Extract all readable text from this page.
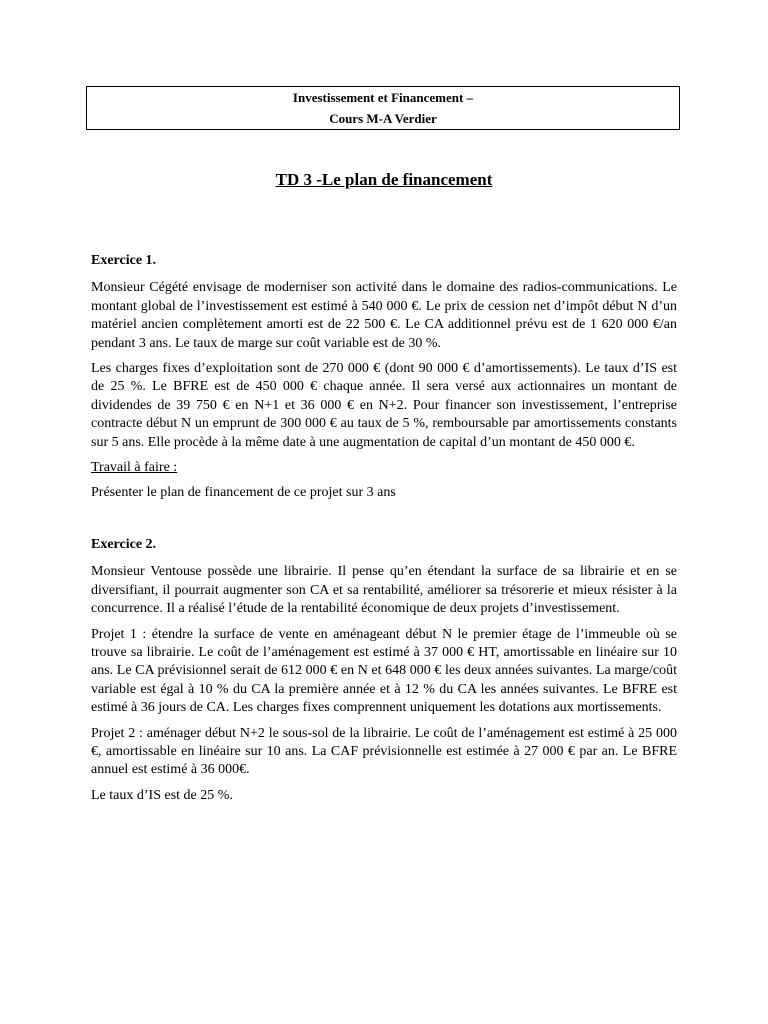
Investissement et Financement –
Cours M-A Verdier
TD 3 -Le plan de financement
Exercice 1.

Monsieur Cégété envisage de moderniser son activité dans le domaine des radios-communications. Le montant global de l’investissement est estimé à 540 000 €. Le prix de cession net d’impôt début N d’un matériel ancien complètement amorti est de 22 500 €. Le CA additionnel prévu est de 1 620 000 €/an pendant 3 ans. Le taux de marge sur coût variable est de 30 %.

Les charges fixes d’exploitation sont de 270 000 € (dont 90 000 € d’amortissements). Le taux d’IS est de 25 %. Le BFRE est de 450 000 € chaque année. Il sera versé aux actionnaires un montant de dividendes de 39 750 € en N+1 et 36 000 € en N+2. Pour financer son investissement, l’entreprise contracte début N un emprunt de 300 000 € au taux de 5 %, remboursable par amortissements constants sur 5 ans. Elle procède à la même date à une augmentation de capital d’un montant de 450 000 €.

Travail à faire :

Présenter le plan de financement de ce projet sur 3 ans

Exercice 2.

Monsieur Ventouse possède une librairie. Il pense qu’en étendant la surface de sa librairie et en se diversifiant, il pourrait augmenter son CA et sa rentabilité, améliorer sa trésorerie et mieux résister à la concurrence. Il a réalisé l’étude de la rentabilité économique de deux projets d’investissement.

Projet 1 : étendre la surface de vente en aménageant début N le premier étage de l’immeuble où se trouve sa librairie. Le coût de l’aménagement est estimé à 37 000 € HT, amortissable en linéaire sur 10 ans. Le CA prévisionnel serait de 612 000 € en N et 648 000 € les deux années suivantes. La marge/coût variable est égal à 10 % du CA la première année et à 12 % du CA les années suivantes. Le BFRE est estimé à 36 jours de CA. Les charges fixes comprennent uniquement les dotations aux mortissements.

Projet 2 : aménager début N+2 le sous-sol de la librairie. Le coût de l’aménagement est estimé à 25 000 €, amortissable en linéaire sur 10 ans. La CAF prévisionnelle est estimée à 27 000 € par an. Le BFRE annuel est estimé à 36 000€.

Le taux d’IS est de 25 %.
